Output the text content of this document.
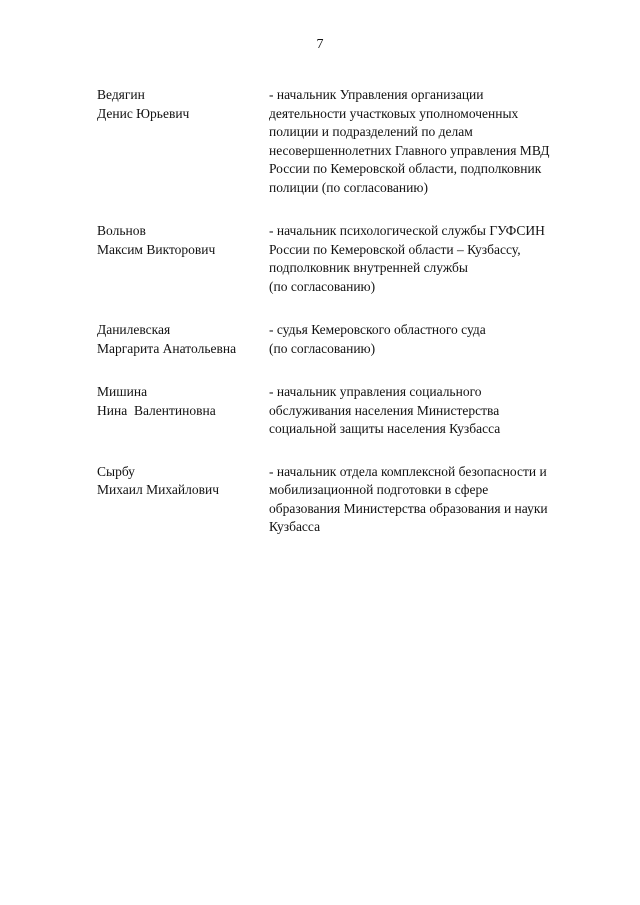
7
Ведягин
Денис Юрьевич
- начальник Управления организации
деятельности участковых уполномоченных
полиции и подразделений по делам
несовершеннолетних Главного управления МВД
России по Кемеровской области, подполковник
полиции (по согласованию)
Вольнов
Максим Викторович
- начальник психологической службы ГУФСИН
России по Кемеровской области – Кузбассу,
подполковник внутренней службы
(по согласованию)
Данилевская
Маргарита Анатольевна
- судья Кемеровского областного суда
(по согласованию)
Мишина
Нина  Валентиновна
- начальник управления социального
обслуживания населения Министерства
социальной защиты населения Кузбасса
Сырбу
Михаил Михайлович
- начальник отдела комплексной безопасности и
мобилизационной подготовки в сфере
образования Министерства образования и науки
Кузбасса
